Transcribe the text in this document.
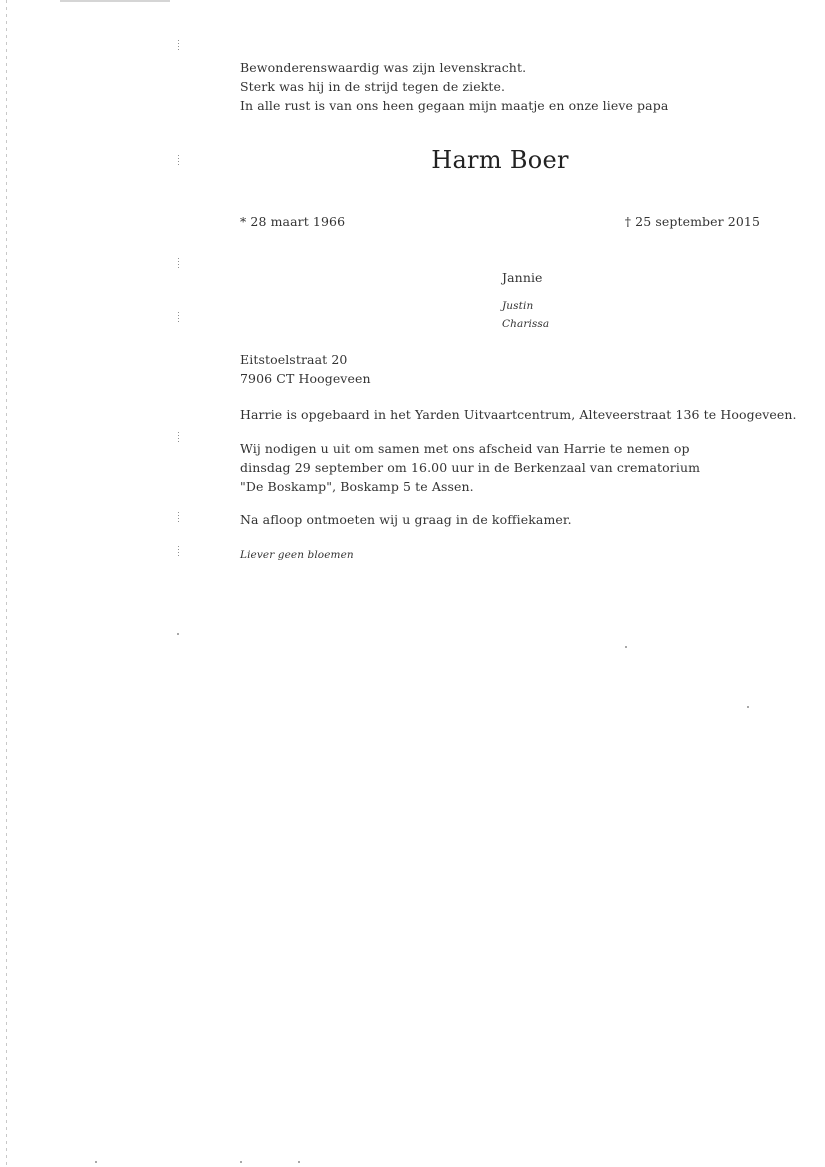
Bewonderenswaardig was zijn levenskracht.
Sterk was hij in de strijd tegen de ziekte.
In alle rust is van ons heen gegaan mijn maatje en onze lieve papa
Harm Boer
* 28 maart 1966	† 25 september 2015
Jannie
Justin
Charissa
Eitstoelstraat 20
7906 CT Hoogeveen
Harrie is opgebaard in het Yarden Uitvaartcentrum, Alteveerstraat 136 te Hoogeveen.
Wij nodigen u uit om samen met ons afscheid van Harrie te nemen op
dinsdag 29 september om 16.00 uur in de Berkenzaal van crematorium
"De Boskamp", Boskamp 5 te Assen.
Na afloop ontmoeten wij u graag in de koffiekamer.
Liever geen bloemen
